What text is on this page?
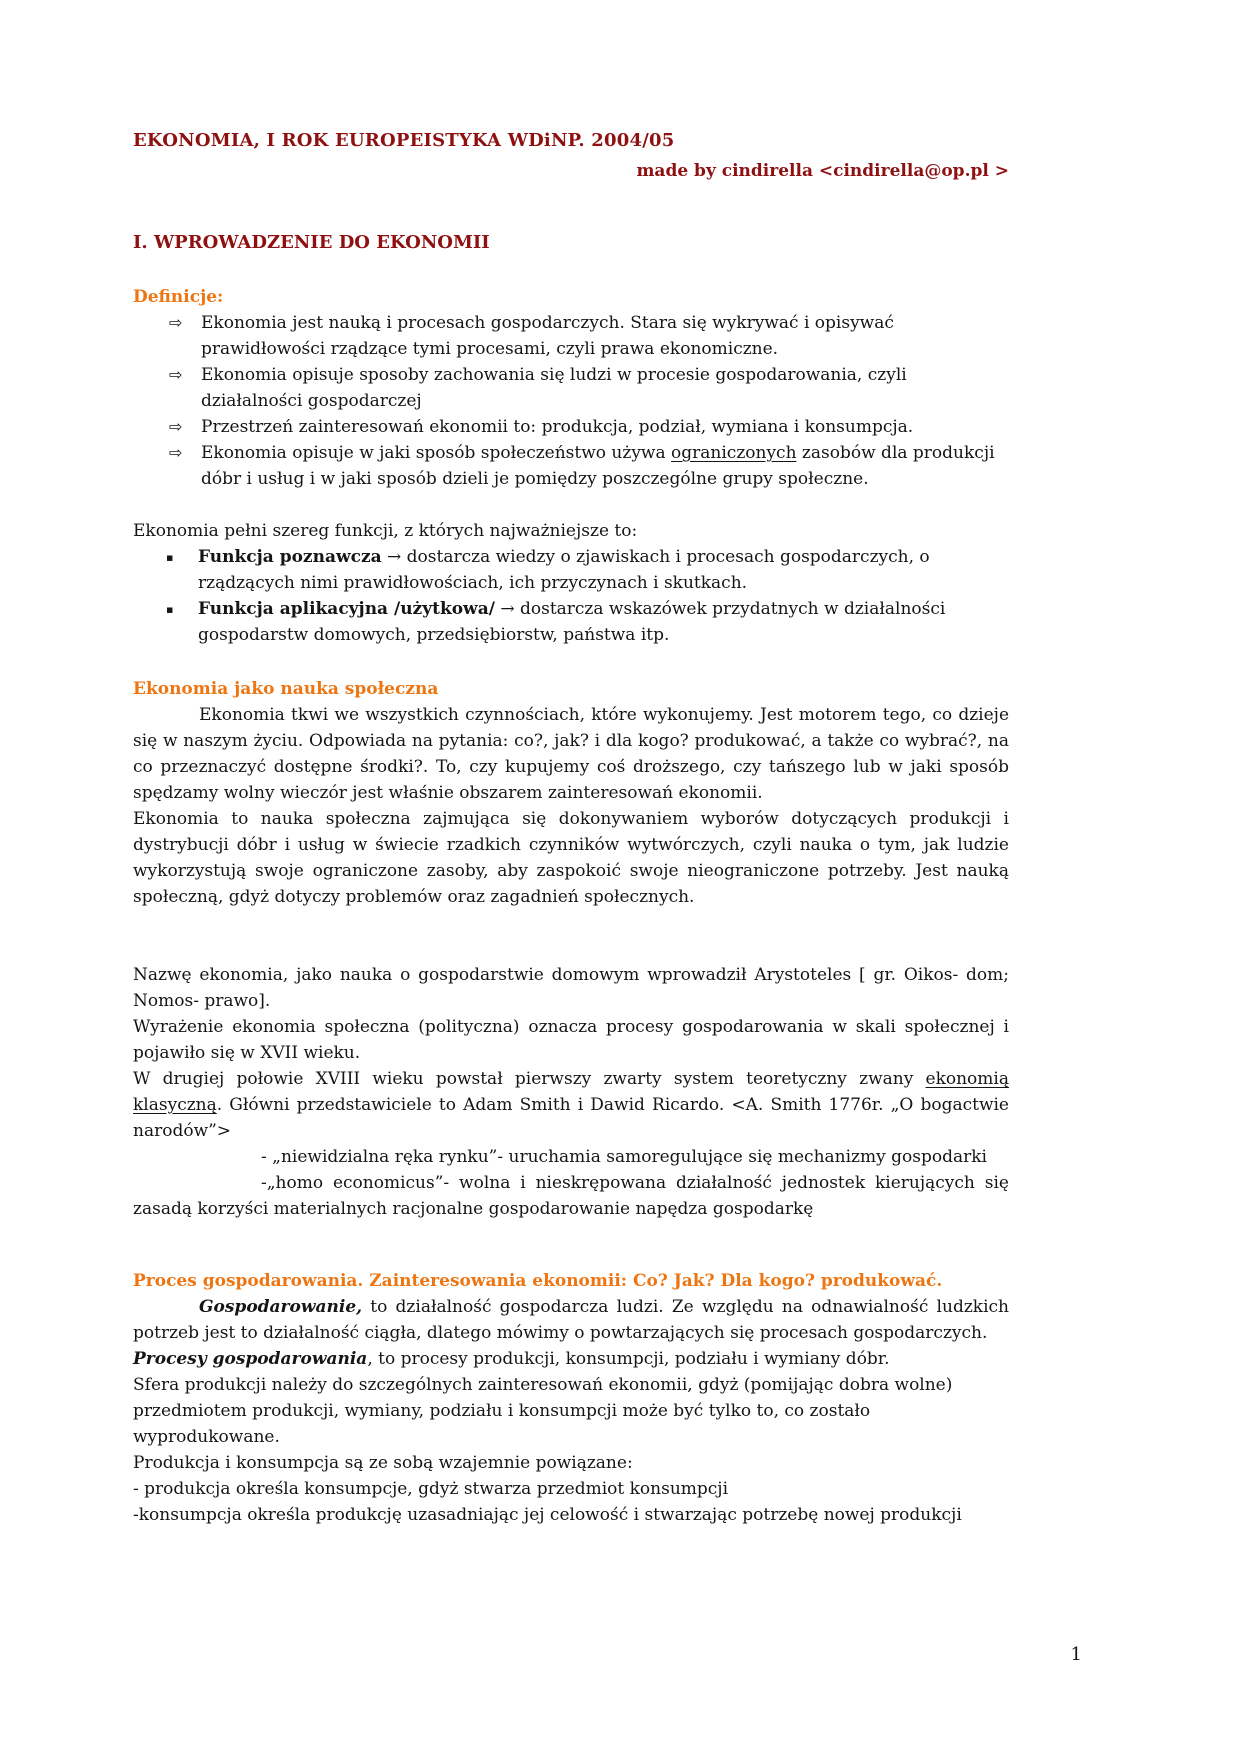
EKONOMIA, I ROK EUROPEISTYKA WDiNP. 2004/05

made by cindirella <cindirella@op.pl >

I. WPROWADZENIE DO EKONOMII

Definicje:

⇨	Ekonomia jest nauką i procesach gospodarczych. Stara się wykrywać i opisywać prawidłowości rządzące tymi procesami, czyli prawa ekonomiczne.
⇨	Ekonomia opisuje sposoby zachowania się ludzi w procesie gospodarowania, czyli działalności gospodarczej
⇨	Przestrzeń zainteresowań ekonomii to: produkcja, podział, wymiana i konsumpcja.
⇨	Ekonomia opisuje w jaki sposób społeczeństwo używa ograniczonych zasobów dla produkcji dóbr i usług i w jaki sposób dzieli je pomiędzy poszczególne grupy społeczne.

Ekonomia pełni szereg funkcji, z których najważniejsze to:

▪	Funkcja poznawcza → dostarcza wiedzy o zjawiskach i procesach gospodarczych, o rządzących nimi prawidłowościach, ich przyczynach i skutkach.
▪	Funkcja aplikacyjna /użytkowa/ → dostarcza wskazówek przydatnych w działalności gospodarstw domowych, przedsiębiorstw, państwa itp.

Ekonomia jako nauka społeczna

Ekonomia tkwi we wszystkich czynnościach, które wykonujemy. Jest motorem tego, co dzieje się w naszym życiu. Odpowiada na pytania: co?, jak? i dla kogo? produkować, a także co wybrać?, na co przeznaczyć dostępne środki?. To, czy kupujemy coś droższego, czy tańszego lub w jaki sposób spędzamy wolny wieczór jest właśnie obszarem zainteresowań ekonomii.

Ekonomia to nauka społeczna zajmująca się dokonywaniem wyborów dotyczących produkcji i dystrybucji dóbr i usług w świecie rzadkich czynników wytwórczych, czyli nauka o tym, jak ludzie wykorzystują swoje ograniczone zasoby, aby zaspokoić swoje nieograniczone potrzeby. Jest nauką społeczną, gdyż dotyczy problemów oraz zagadnień społecznych.

Nazwę ekonomia, jako nauka o gospodarstwie domowym wprowadził Arystoteles [ gr. Oikos- dom; Nomos- prawo].

Wyrażenie ekonomia społeczna (polityczna) oznacza procesy gospodarowania w skali społecznej i pojawiło się w XVII wieku.

W drugiej połowie XVIII wieku powstał pierwszy zwarty system teoretyczny zwany ekonomią klasyczną. Główni przedstawiciele to Adam Smith i Dawid Ricardo. <A. Smith 1776r. „O bogactwie narodów”>

- „niewidzialna ręka rynku”- uruchamia samoregulujące się mechanizmy gospodarki

-„homo economicus”- wolna i nieskrępowana działalność jednostek kierujących się zasadą korzyści materialnych racjonalne gospodarowanie napędza gospodarkę

Proces gospodarowania. Zainteresowania ekonomii: Co? Jak? Dla kogo? produkować.

Gospodarowanie, to działalność gospodarcza ludzi. Ze względu na odnawialność ludzkich potrzeb jest to działalność ciągła, dlatego mówimy o powtarzających się procesach gospodarczych.

Procesy gospodarowania, to procesy produkcji, konsumpcji, podziału i wymiany dóbr.

Sfera produkcji należy do szczególnych zainteresowań ekonomii, gdyż (pomijając dobra wolne) przedmiotem produkcji, wymiany, podziału i konsumpcji może być tylko to, co zostało wyprodukowane.

Produkcja i konsumpcja są ze sobą wzajemnie powiązane:

- produkcja określa konsumpcje, gdyż stwarza przedmiot konsumpcji

-konsumpcja określa produkcję uzasadniając jej celowość i stwarzając potrzebę nowej produkcji

1
